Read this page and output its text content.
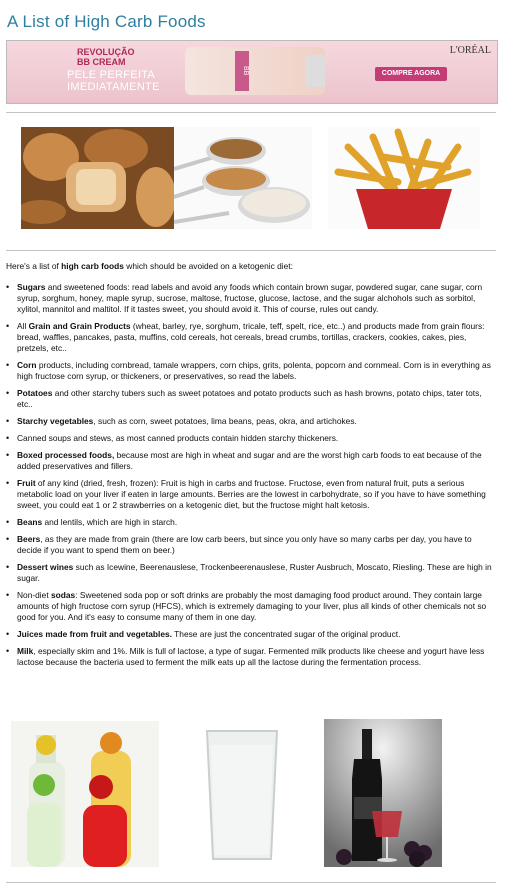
A List of High Carb Foods
REVOLUÇÃO
BB CREAM
PELE PERFEITA
IMEDIATAMENTE
BB	COMPRE AGORA
L'ORÉAL

Here's a list of high carb foods which should be avoided on a ketogenic diet:

• Sugars and sweetened foods: read labels and avoid any foods which contain brown sugar, powdered sugar, cane sugar, corn syrup, sorghum, honey, maple syrup, sucrose, maltose, fructose, glucose, lactose, and the sugar alchohols such as sorbitol, xylitol, mannitol and maltitol. If it tastes sweet, you should avoid it. This of course, rules out candy.
• All Grain and Grain Products (wheat, barley, rye, sorghum, tricale, teff, spelt, rice, etc..) and products made from grain flours: bread, waffles, pancakes, pasta, muffins, cold cereals, hot cereals, bread crumbs, tortillas, crackers, cookies, cakes, pies, pretzels, etc..
• Corn products, including cornbread, tamale wrappers, corn chips, grits, polenta, popcorn and cornmeal. Corn is in everything as high fructose corn syrup, or thickeners, or preservatives, so read the labels.
• Potatoes and other starchy tubers such as sweet potatoes and potato products such as hash browns, potato chips, tater tots, etc..
• Starchy vegetables, such as corn, sweet potatoes, lima beans, peas, okra, and artichokes.
• Canned soups and stews, as most canned products contain hidden starchy thickeners.
• Boxed processed foods, because most are high in wheat and sugar and are the worst high carb foods to eat because of the added preservatives and fillers.
• Fruit of any kind (dried, fresh, frozen): Fruit is high in carbs and fructose. Fructose, even from natural fruit, puts a serious metabolic load on your liver if eaten in large amounts. Berries are the lowest in carbohydrate, so if you have to have something sweet, you could eat 1 or 2 strawberries on a ketogenic diet, but the fructose might halt ketosis.
• Beans and lentils, which are high in starch.
• Beers, as they are made from grain (there are low carb beers, but since you only have so many carbs per day, you have to decide if you want to spend them on beer.)
• Dessert wines such as Icewine, Beerenauslese, Trockenbeerenauslese, Ruster Ausbruch, Moscato, Riesling. These are high in sugar.
• Non-diet sodas: Sweetened soda pop or soft drinks are probably the most damaging food product around. They contain large amounts of high fructose corn syrup (HFCS), which is extremely damaging to your liver, plus all kinds of other chemicals not so good for you. And it's easy to consume many of them in one day.
• Juices made from fruit and vegetables. These are just the concentrated sugar of the original product.
• Milk, especially skim and 1%. Milk is full of lactose, a type of sugar. Fermented milk products like cheese and yogurt have less lactose because the bacteria used to ferment the milk eats up all the lactose during the fermentation process.
